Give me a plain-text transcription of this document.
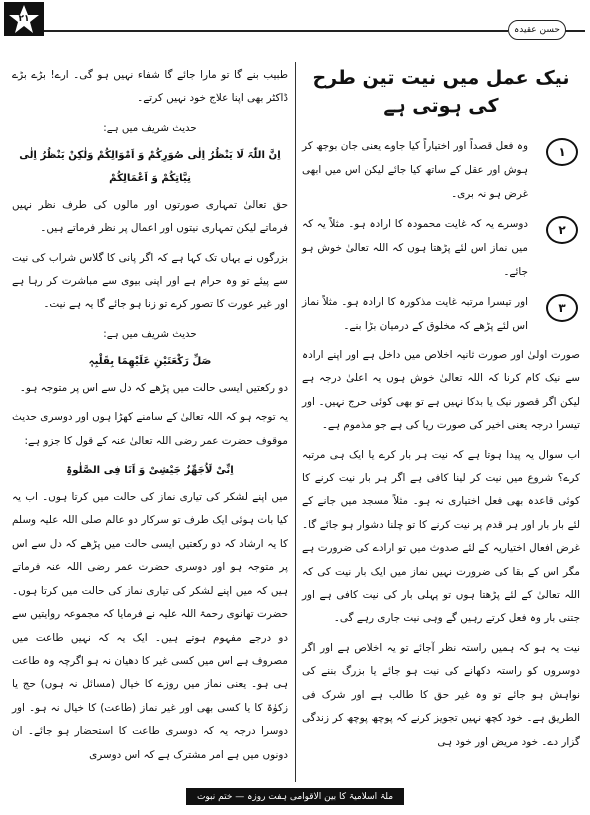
۲۱
حسن عقیدہ
نیک عمل میں نیت تین طرح کی ہوتی ہے
١
وہ فعل قصداً اور اختیاراً کیا جاوے یعنی جان بوجھ کر ہوش اور عقل کے ساتھ کیا جائے لیکن اس میں ابھی غرض ہو نہ بری۔
٢
دوسرے یہ کہ غایت محمودہ کا ارادہ ہو۔ مثلاً یہ کہ میں نماز اس لئے پڑھتا ہوں کہ اللہ تعالیٰ خوش ہو جائے۔
٣
اور تیسرا مرتبہ غایت مذکورہ کا ارادہ ہو۔ مثلاً نماز اس لئے پڑھے کہ مخلوق کے درمیان بڑا بنے۔

صورت اولیٰ اور صورت ثانیہ اخلاص میں داخل ہے اور اپنے ارادہ سے نیک کام کرنا کہ اللہ تعالیٰ خوش ہوں یہ اعلیٰ درجہ ہے لیکن اگر قصور نیک یا بدکا نہیں ہے تو بھی کوئی حرج نہیں۔ اور تیسرا درجہ یعنی اخیر کی صورت ریا کی ہے جو مذموم ہے۔

اب سوال یہ پیدا ہوتا ہے کہ نیت ہر بار کرے یا ایک ہی مرتبہ کرے؟ شروع میں نیت کر لینا کافی ہے اگر ہر بار نیت کرنے کا کوئی قاعدہ بھی فعل اختیاری نہ ہو۔ مثلاً مسجد میں جانے کے لئے بار بار اور ہر قدم پر نیت کرنے کا تو چلنا دشوار ہو جائے گا۔ غرض افعال اختیاریہ کے لئے صدوث میں تو ارادے کی ضرورت ہے مگر اس کے بقا کی ضرورت نہیں نماز میں ایک بار نیت کی کہ اللہ تعالیٰ کے لئے پڑھتا ہوں تو پہلی بار کی نیت کافی ہے اور جتنی بار وہ فعل کرتے رہیں گے وہی نیت جاری رہے گی۔

نیت یہ ہو کہ ہمیں راستہ نظر آجائے تو یہ اخلاص ہے اور اگر دوسروں کو راستہ دکھانے کی نیت ہو جائے یا بزرگ بننے کی نواہش ہو جائے تو وہ غیر حق کا طالب ہے اور شرک فی الطریق ہے۔ خود کچھ نہیں تجویز کرنے کہ پوچھ پوچھ کر زندگی گزار دے۔ خود مریض اور خود ہی

طبیب بنے گا تو مارا جائے گا شفاء نہیں ہو گی۔ ارے! بڑے بڑے ڈاکٹر بھی اپنا علاج خود نہیں کرتے۔

حدیث شریف میں ہے:

اِنَّ اللّٰہَ لَا یَنْظُرُ اِلٰی صُوَرِکُمْ وَ اَمْوَالِکُمْ وَلٰکِنْ یَنْظُرُ اِلٰی نِیَّاتِکُمْ وَ اَعْمَالِکُمْ

حق تعالیٰ تمہاری صورتوں اور مالوں کی طرف نظر نہیں فرماتے لیکن تمہاری نیتوں اور اعمال پر نظر فرماتے ہیں۔

بزرگوں نے یہاں تک کہا ہے کہ اگر پانی کا گلاس شراب کی نیت سے پیئے تو وہ حرام ہے اور اپنی بیوی سے مباشرت کر رہا ہے اور غیر عورت کا تصور کرے تو زنا ہو جائے گا یہ ہے نیت۔

حدیث شریف میں ہے:

صَلِّ رَکْعَتَیْنِ عَلَیْھِمَا بِقَلْبِہٖ

دو رکعتیں ایسی حالت میں پڑھے کہ دل سے اس پر متوجہ ہو۔

یہ توجہ ہو کہ اللہ تعالیٰ کے سامنے کھڑا ہوں اور دوسری حدیث موقوف حضرت عمر رضی اللہ تعالیٰ عنہ کے قول کا جزو ہے:

اِنِّیْ لَاُجَھِّزُ جَیْشِیْ وَ اَنَا فِی الصَّلٰوۃِ

میں اپنے لشکر کی تیاری نماز کی حالت میں کرتا ہوں۔ اب یہ کیا بات ہوئی ایک طرف تو سرکار دو عالم صلی اللہ علیہ وسلم کا یہ ارشاد کہ دو رکعتیں ایسی حالت میں پڑھے کہ دل سے اس پر متوجہ ہو اور دوسری حضرت عمر رضی اللہ عنہ فرماتے ہیں کہ میں اپنے لشکر کی تیاری نماز کی حالت میں کرتا ہوں۔ حضرت تھانوی رحمۃ اللہ علیہ نے فرمایا کہ مجموعہ روایتیں سے دو درجے مفہوم ہوتے ہیں۔ ایک یہ کہ نہیں طاعت میں مصروف ہے اس میں کسی غیر کا دھیان نہ ہو اگرچہ وہ طاعت ہی ہو۔ یعنی نماز میں روزے کا خیال (مسائل نہ ہوں) حج یا زکوٰۃ کا یا کسی بھی اور غیر نماز (طاعت) کا خیال نہ ہو۔ اور دوسرا درجہ یہ کہ دوسری طاعت کا استحضار ہو جائے۔ ان دونوں میں ہے امر مشترک ہے کہ اس دوسری

ملۃ اسلامیۃ کا بین الاقوامی ہفت روزہ — ختم نبوت
